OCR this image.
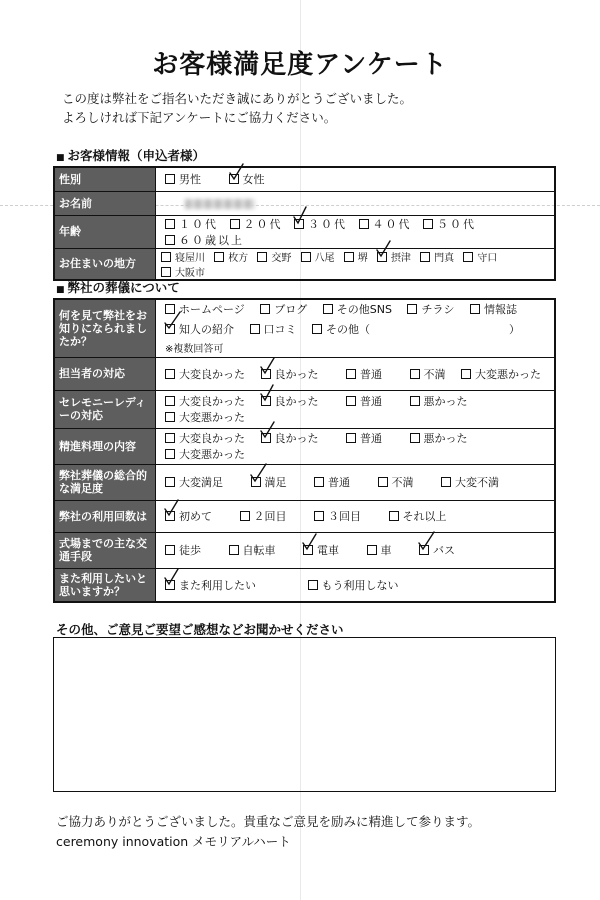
お客様満足度アンケート
この度は弊社をご指名いただき誠にありがとうございました。
よろしければ下記アンケートにご協力ください。
■ お客様情報（申込者様）
性別	男性 女性
お名前	
年齢	１０代 ２０代 ３０代 ４０代 ５０代 ６０歳以上
お住まいの地方	寝屋川 枚方 交野 八尾 堺 摂津 門真 守口 大阪市
■ 弊社の葬儀について
何を見て弊社をお知りになられましたか？	ホームページ ブログ その他SNS チラシ 情報誌
知人の紹介 口コミ その他（ ）
※複数回答可

担当者の対応	大変良かった 良かった 普通 不満 大変悪かった
セレモニーレディーの対応	大変良かった 良かった 普通 悪かった 大変悪かった
精進料理の内容	大変良かった 良かった 普通 悪かった 大変悪かった
弊社葬儀の総合的な満足度	大変満足 満足 普通 不満 大変不満
弊社の利用回数は	初めて ２回目 ３回目 それ以上
式場までの主な交通手段	徒歩 自転車 電車 車 バス
また利用したいと思いますか？	また利用したい もう利用しない
その他、ご意見ご要望ご感想などお聞かせください
ご協力ありがとうございました。貴重なご意見を励みに精進して参ります。
ceremony innovation メモリアルハート
